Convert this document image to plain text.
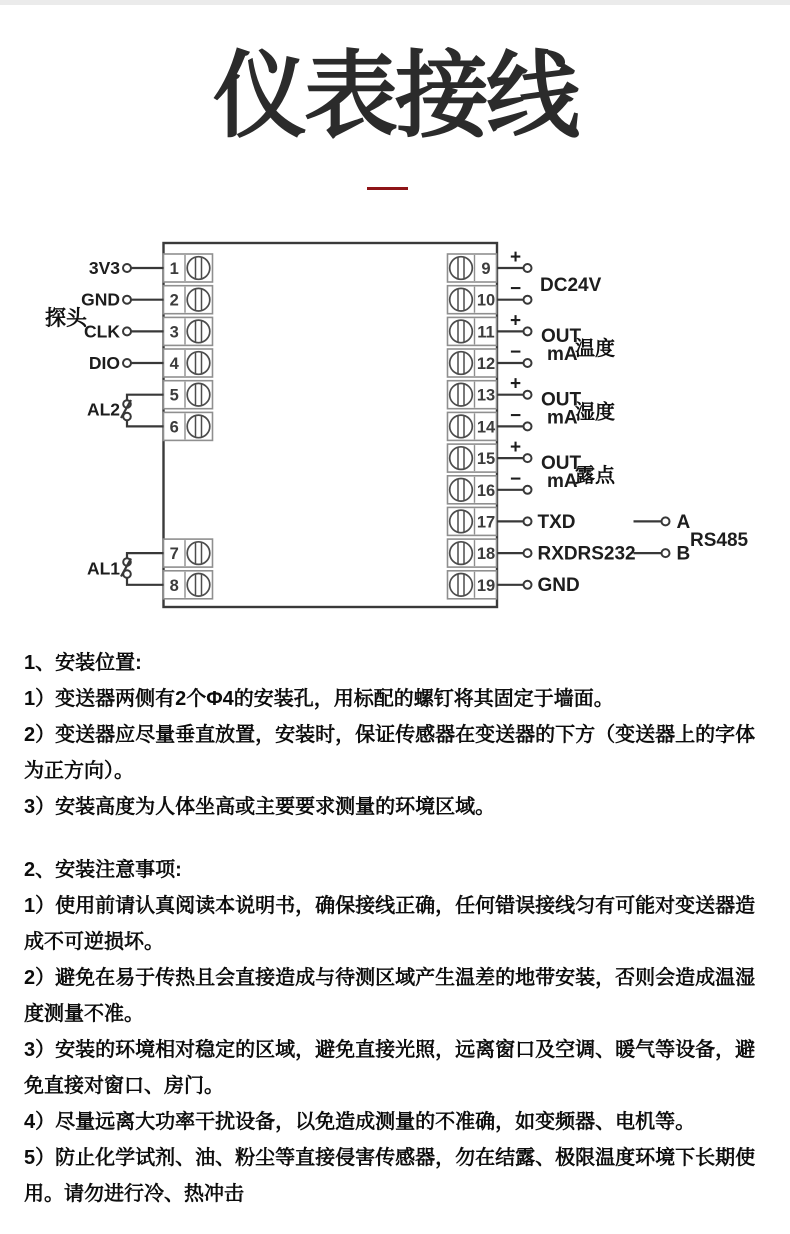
仪表接线
1
2
3
4
5
6
7
8
9
10
11
12
13
14
15
16
17
18
19
3V3
GND
CLK
DIO
探头
AL2
AL1
+
−
+
−
+
−
+
−
DC24V
OUT
mA
温度
OUT
mA
湿度
OUT
mA
露点
TXD
RXD RS232
GND
A
B
RS485

1、安装位置:

1）变送器两侧有2个Φ4的安装孔，用标配的螺钉将其固定于墙面。

2）变送器应尽量垂直放置，安装时，保证传感器在变送器的下方（变送器上的字体为正方向）。

3）安装高度为人体坐高或主要要求测量的环境区域。

2、安装注意事项:

1）使用前请认真阅读本说明书，确保接线正确，任何错误接线匀有可能对变送器造成不可逆损坏。

2）避免在易于传热且会直接造成与待测区域产生温差的地带安装，否则会造成温湿度测量不准。

3）安装的环境相对稳定的区域，避免直接光照，远离窗口及空调、暖气等设备，避免直接对窗口、房门。

4）尽量远离大功率干扰设备，以免造成测量的不准确，如变频器、电机等。

5）防止化学试剂、油、粉尘等直接侵害传感器，勿在结露、极限温度环境下长期使用。请勿进行冷、热冲击
